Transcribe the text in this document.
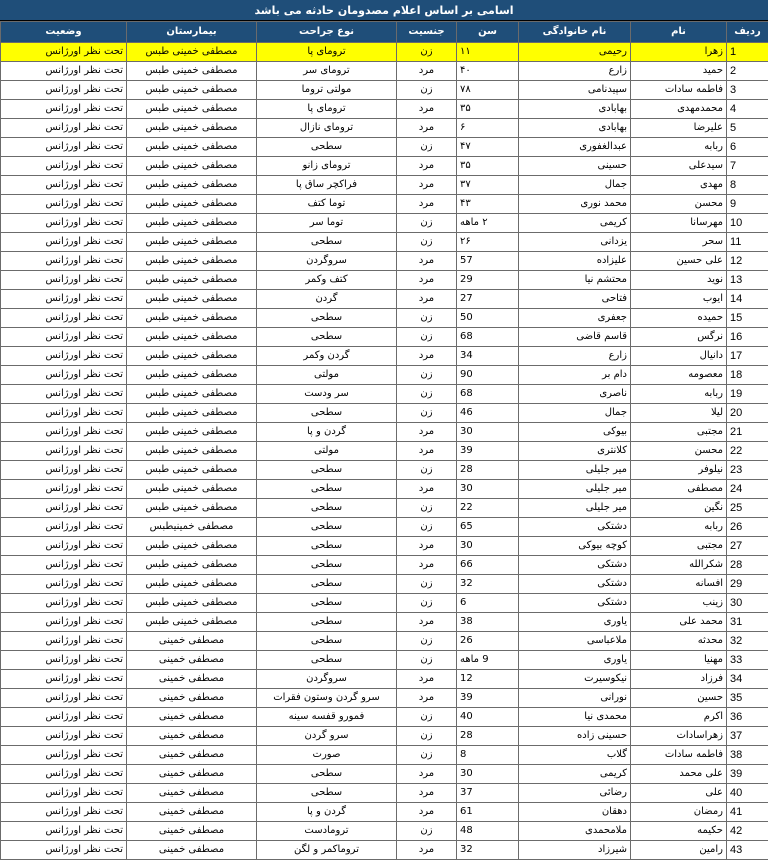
اسامی بر اساس اعلام مصدومان حادثه می باشد
ردیف	نام	نام خانوادگی	سن	جنسیت	نوع جراحت	بیمارستان	وضعیت
1	زهرا	رحیمی	۱۱	زن	ترومای پا	مصطفی خمینی طبس	تحت نظر اورژانس
2	حمید	زارع	۴۰	مرد	ترومای سر	مصطفی خمینی طبس	تحت نظر اورژانس
3	فاطمه سادات	سپیدنامی	۷۸	زن	مولتی تروما	مصطفی خمینی طبس	تحت نظر اورژانس
4	محمدمهدی	بهابادی	۳۵	مرد	ترومای پا	مصطفی خمینی طبس	تحت نظر اورژانس
5	علیرضا	بهابادی	۶	مرد	ترومای نازال	مصطفی خمینی طبس	تحت نظر اورژانس
6	ربابه	عبدالغفوری	۴۷	زن	سطحی	مصطفی خمینی طبس	تحت نظر اورژانس
7	سیدعلی	حسینی	۳۵	مرد	ترومای زانو	مصطفی خمینی طبس	تحت نظر اورژانس
8	مهدی	جمال	۳۷	مرد	فراکچر ساق پا	مصطفی خمینی طبس	تحت نظر اورژانس
9	محسن	محمد نوری	۴۳	مرد	توما کتف	مصطفی خمینی طبس	تحت نظر اورژانس
10	مهرسانا	کریمی	۲ ماهه	زن	توما سر	مصطفی خمینی طبس	تحت نظر اورژانس
11	سحر	یزدانی	۲۶	زن	سطحی	مصطفی خمینی طبس	تحت نظر اورژانس
12	علی حسین	علیزاده	57	مرد	سروگردن	مصطفی خمینی طبس	تحت نظر اورژانس
13	نوید	محتشم نیا	29	مرد	کتف وکمر	مصطفی خمینی طبس	تحت نظر اورژانس
14	ایوب	فتاحی	27	مرد	گردن	مصطفی خمینی طبس	تحت نظر اورژانس
15	حمیده	جعفری	50	زن	سطحی	مصطفی خمینی طبس	تحت نظر اورژانس
16	نرگس	قاسم قاضی	68	زن	سطحی	مصطفی خمینی طبس	تحت نظر اورژانس
17	دانیال	زارع	34	مرد	گردن وکمر	مصطفی خمینی طبس	تحت نظر اورژانس
18	معصومه	دام بر	90	زن	مولتی	مصطفی خمینی طبس	تحت نظر اورژانس
19	ربابه	ناصری	68	زن	سر ودست	مصطفی خمینی طبس	تحت نظر اورژانس
20	لیلا	جمال	46	زن	سطحی	مصطفی خمینی طبس	تحت نظر اورژانس
21	مجتبی	بیوکی	30	مرد	گردن و پا	مصطفی خمینی طبس	تحت نظر اورژانس
22	محسن	کلانتری	39	مرد	مولتی	مصطفی خمینی طبس	تحت نظر اورژانس
23	نیلوفر	میر جلیلی	28	زن	سطحی	مصطفی خمینی طبس	تحت نظر اورژانس
24	مصطفی	میر جلیلی	30	مرد	سطحی	مصطفی خمینی طبس	تحت نظر اورژانس
25	نگین	میر جلیلی	22	زن	سطحی	مصطفی خمینی طبس	تحت نظر اورژانس
26	ربابه	دشتکی	65	زن	سطحی	مصطفی خمینیطبس	تحت نظر اورژانس
27	مجتبی	کوچه بیوکی	30	مرد	سطحی	مصطفی خمینی طبس	تحت نظر اورژانس
28	شکرالله	دشتکی	66	مرد	سطحی	مصطفی خمینی طبس	تحت نظر اورژانس
29	افسانه	دشتکی	32	زن	سطحی	مصطفی خمینی طبس	تحت نظر اورژانس
30	زینب	دشتکی	6	زن	سطحی	مصطفی خمینی طبس	تحت نظر اورژانس
31	محمد علی	یاوری	38	مرد	سطحی	مصطفی خمینی طبس	تحت نظر اورژانس
32	محدثه	ملاعباسی	26	زن	سطحی	مصطفی خمینی	تحت نظر اورژانس
33	مهنیا	یاوری	9 ماهه	زن	سطحی	مصطفی خمینی	تحت نظر اورژانس
34	فرزاد	نیکوسیرت	12	مرد	سروگردن	مصطفی خمینی	تحت نظر اورژانس
35	حسین	نورانی	39	مرد	سرو گردن وستون فقرات	مصطفی خمینی	تحت نظر اورژانس
36	اکرم	محمدی نیا	40	زن	فمورو قفسه سینه	مصطفی خمینی	تحت نظر اورژانس
37	زهراسادات	حسینی زاده	28	زن	سرو گردن	مصطفی خمینی	تحت نظر اورژانس
38	فاطمه سادات	گلاب	8	زن	صورت	مصطفی خمینی	تحت نظر اورژانس
39	علی محمد	کریمی	30	مرد	سطحی	مصطفی خمینی	تحت نظر اورژانس
40	علی	رضائی	37	مرد	سطحی	مصطفی خمینی	تحت نظر اورژانس
41	رمضان	دهقان	61	مرد	گردن و پا	مصطفی خمینی	تحت نظر اورژانس
42	حکیمه	ملامحمدی	48	زن	ترومادست	مصطفی خمینی	تحت نظر اورژانس
43	رامین	شیرزاد	32	مرد	تروماکمر و لگن	مصطفی خمینی	تحت نظر اورژانس
